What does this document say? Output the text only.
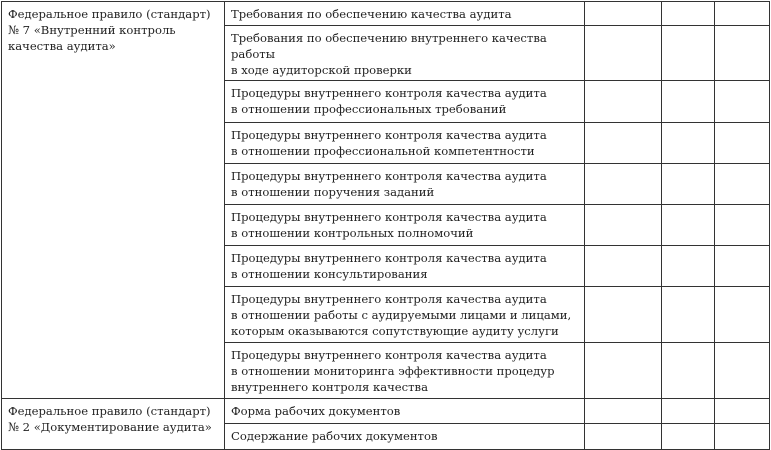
Федеральное правило (стандарт)
№ 7 «Внутренний контроль
качества аудита»	Требования по обеспечению качества аудита			
	Требования по обеспечению внутреннего качества работы
в ходе аудиторской проверки			
	Процедуры внутреннего контроля качества аудита
в отношении профессиональных требований			
	Процедуры внутреннего контроля качества аудита
в отношении профессиональной компетентности			
	Процедуры внутреннего контроля качества аудита
в отношении поручения заданий			
	Процедуры внутреннего контроля качества аудита
в отношении контрольных полномочий			
	Процедуры внутреннего контроля качества аудита
в отношении консультирования			
	Процедуры внутреннего контроля качества аудита
в отношении работы с аудируемыми лицами и лицами,
которым оказываются сопутствующие аудиту услуги			
	Процедуры внутреннего контроля качества аудита
в отношении мониторинга эффективности процедур
внутреннего контроля качества			
Федеральное правило (стандарт)
№ 2 «Документирование аудита»	Форма рабочих документов			
	Содержание рабочих документов			
